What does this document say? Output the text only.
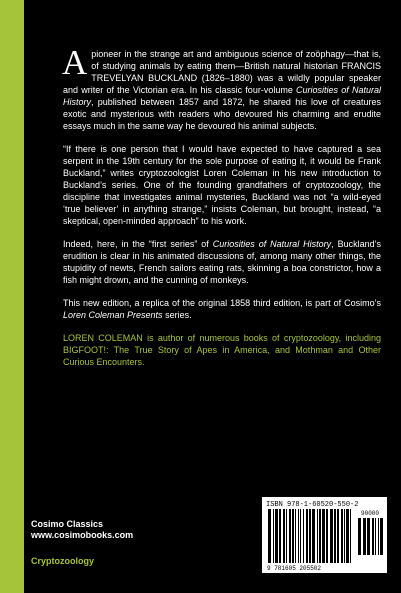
Apioneer in the strange art and ambiguous science of zoöphagy—that is, of studying animals by eating them—British natural historian FRANCIS TREVELYAN BUCKLAND (1826–1880) was a wildly popular speaker and writer of the Victorian era. In his classic four-volume Curiosities of Natural History, published between 1857 and 1872, he shared his love of creatures exotic and mysterious with readers who devoured his charming and erudite essays much in the same way he devoured his animal subjects.

“If there is one person that I would have expected to have captured a sea serpent in the 19th century for the sole purpose of eating it, it would be Frank Buckland,” writes cryptozoologist Loren Coleman in his new introduction to Buckland’s series. One of the founding grandfathers of cryptozoology, the discipline that investigates animal mysteries, Buckland was not “a wild-eyed ‘true believer’ in anything strange,” insists Coleman, but brought, instead, “a skeptical, open-minded approach” to his work.

Indeed, here, in the “first series” of Curiosities of Natural History, Buckland’s erudition is clear in his animated discussions of, among many other things, the stupidity of newts, French sailors eating rats, skinning a boa constrictor, how a fish might drown, and the cunning of monkeys.

This new edition, a replica of the original 1858 third edition, is part of Cosimo’s Loren Coleman Presents series.

LOREN COLEMAN is author of numerous books of cryptozoology, including BIGFOOT!: The True Story of Apes in America, and Mothman and Other Curious Encounters.

Cosimo Classics
www.cosimobooks.com
Cryptozoology
ISBN 978-1-60520-550-2
90000
9 781605 205502
